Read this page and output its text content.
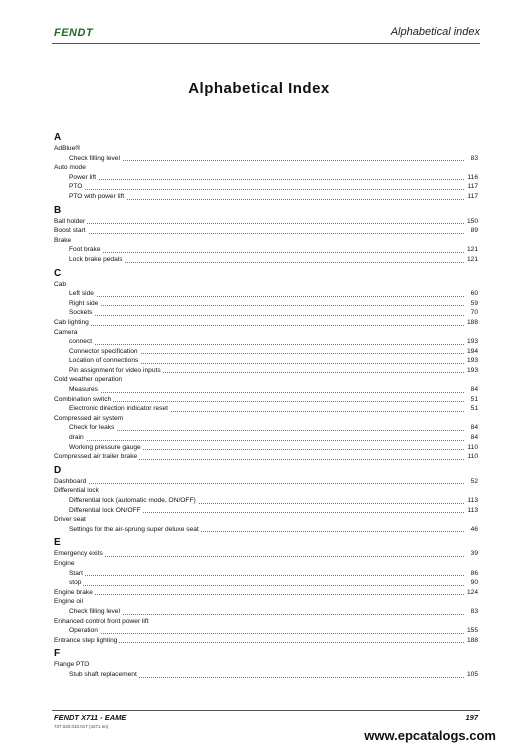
FENDT	Alphabetical index
Alphabetical Index
A
AdBlue®
Check filling level	83
Auto mode
Power lift	116
PTO	117
PTO with power lift	117
B
Ball holder	150
Boost start	89
Brake
Foot brake	121
Lock brake pedals	121
C
Cab
Left side	60
Right side	59
Sockets	70
Cab lighting	188
Camera
connect	193
Connector specification	194
Location of connections	193
Pin assignment for video inputs	193
Cold weather operation
Measures	84
Combination switch	51
Electronic direction indicator reset	51
Compressed air system
Check for leaks	84
drain	84
Working pressure gauge	110
Compressed air trailer brake	110
D
Dashboard	52
Differential lock
Differential lock (automatic mode, ON/OFF)	113
Differential lock ON/OFF	113
Driver seat
Settings for the air-sprung super deluxe seat	46
E
Emergency exits	39
Engine
Start	86
stop	90
Engine brake	124
Engine oil
Check filling level	83
Enhanced control front power lift
Operation	155
Entrance step lighting	188
F
Flange PTO
Stub shaft replacement	105
FENDT X711 - EAME
737.020.010.017 (4271 en)
197
www.epcatalogs.com
